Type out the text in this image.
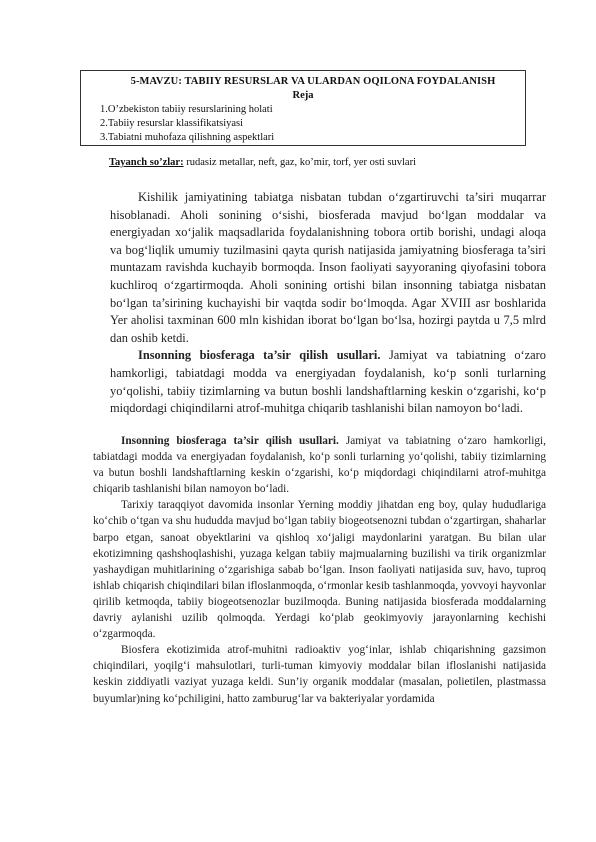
5-MAVZU: TABIIY RESURSLAR VA ULARDAN OQILONA FOYDALANISH
Reja
1.O’zbekiston tabiiy resurslarining holati
2.Tabiiy resurslar klassifikatsiyasi
3.Tabiatni muhofaza qilishning aspektlari
Tayanch so’zlar: rudasiz metallar, neft, gaz, ko’mir, torf, yer osti suvlari

Kishilik jamiyatining tabiatga nisbatan tubdan o‘zgartiruvchi ta’siri muqarrar hisoblanadi. Aholi sonining o‘sishi, biosferada mavjud bo‘lgan moddalar va energiyadan xo‘jalik maqsadlarida foydalanishning tobora ortib borishi, undagi aloqa va bog‘liqlik umumiy tuzilmasini qayta qurish natijasida jamiyatning biosferaga ta’siri muntazam ravishda kuchayib bormoqda. Inson faoliyati sayyoraning qiyofasini tobora kuchliroq o‘zgartirmoqda. Aholi sonining ortishi bilan insonning tabiatga nisbatan bo‘lgan ta’sirining kuchayishi bir vaqtda sodir bo‘lmoqda. Agar XVIII asr boshlarida Yer aholisi taxminan 600 mln kishidan iborat bo‘lgan bo‘lsa, hozirgi paytda u 7,5 mlrd dan oshib ketdi.

Insonning biosferaga ta’sir qilish usullari. Jamiyat va tabiatning o‘zaro hamkorligi, tabiatdagi modda va energiyadan foydalanish, ko‘p sonli turlarning yo‘qolishi, tabiiy tizimlarning va butun boshli landshaftlarning keskin o‘zgarishi, ko‘p miqdordagi chiqindilarni atrof-muhitga chiqarib tashlanishi bilan namoyon bo‘ladi.

Insonning biosferaga ta’sir qilish usullari. Jamiyat va tabiatning o‘zaro hamkorligi, tabiatdagi modda va energiyadan foydalanish, ko‘p sonli turlarning yo‘qolishi, tabiiy tizimlarning va butun boshli landshaftlarning keskin o‘zgarishi, ko‘p miqdordagi chiqindilarni atrof-muhitga chiqarib tashlanishi bilan namoyon bo‘ladi.

Tarixiy taraqqiyot davomida insonlar Yerning moddiy jihatdan eng boy, qulay hududlariga ko‘chib o‘tgan va shu hududda mavjud bo‘lgan tabiiy biogeotsenozni tubdan o‘zgartirgan, shaharlar barpo etgan, sanoat obyektlarini va qishloq xo‘jaligi maydonlarini yaratgan. Bu bilan ular ekotizimning qashshoqlashishi, yuzaga kelgan tabiiy majmualarning buzilishi va tirik organizmlar yashaydigan muhitlarining o‘zgarishiga sabab bo‘lgan. Inson faoliyati natijasida suv, havo, tuproq ishlab chiqarish chiqindilari bilan ifloslanmoqda, o‘rmonlar kesib tashlanmoqda, yovvoyi hayvonlar qirilib ketmoqda, tabiiy biogeotsenozlar buzilmoqda. Buning natijasida biosferada moddalarning davriy aylanishi uzilib qolmoqda. Yerdagi ko‘plab geokimyoviy jarayonlarning kechishi o‘zgarmoqda.

Biosfera ekotizimida atrof-muhitni radioaktiv yog‘inlar, ishlab chiqarishning gazsimon chiqindilari, yoqilg‘i mahsulotlari, turli-tuman kimyoviy moddalar bilan ifloslanishi natijasida keskin ziddiyatli vaziyat yuzaga keldi. Sun’iy organik moddalar (masalan, polietilen, plastmassa buyumlar)ning ko‘pchiligini, hatto zamburug‘lar va bakteriyalar yordamida
